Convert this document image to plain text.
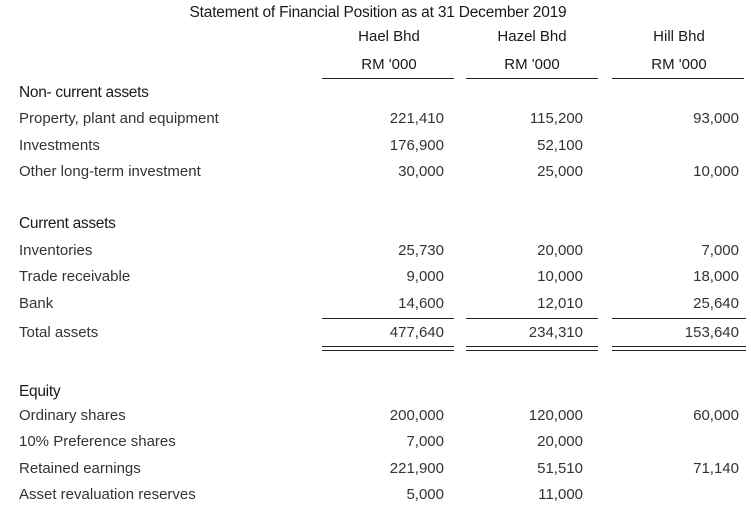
Statement of Financial Position as at 31 December 2019
Hael Bhd	Hazel Bhd	Hill Bhd
RM '000	RM '000	RM '000
Non- current assets
Property, plant and equipment	221,410	115,200	93,000
Investments	176,900	52,100
Other long-term investment	30,000	25,000	10,000
Current assets
Inventories	25,730	20,000	7,000
Trade receivable	9,000	10,000	18,000
Bank	14,600	12,010	25,640
Total assets	477,640	234,310	153,640
Equity
Ordinary shares	200,000	120,000	60,000
10% Preference shares	7,000	20,000
Retained earnings	221,900	51,510	71,140
Asset revaluation reserves	5,000	11,000
